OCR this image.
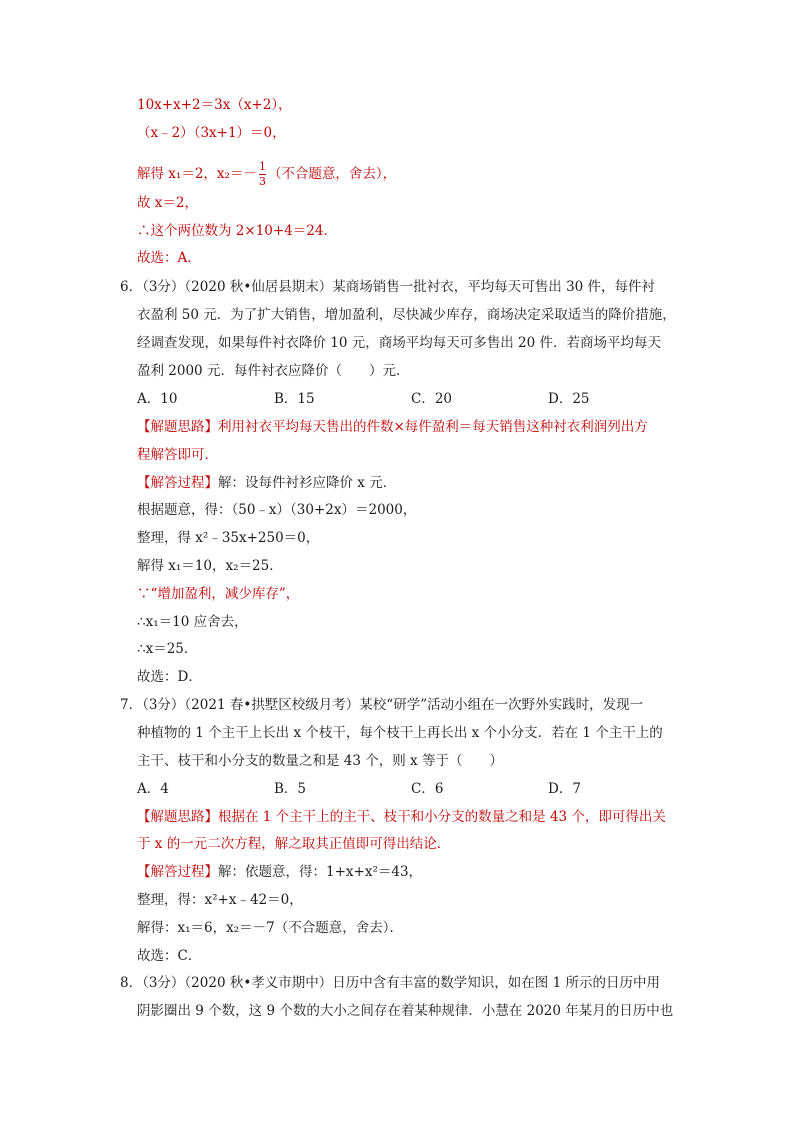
10x+x+2＝3x（x+2），
（x﹣2）（3x+1）＝0，
解得 x₁＝2，$x_2=- \frac{1}{3}$ （不合题意，舍去），
故 x＝2，
∴这个两位数为 2×10+4＝24．
故选：A．
6．（3分）（2020 秋•仙居县期末）某商场销售一批衬衣，平均每天可售出 30 件，每件衬
衣盈利 50 元．为了扩大销售，增加盈利，尽快减少库存，商场决定采取适当的降价措施，
经调查发现，如果每件衬衣降价 10 元，商场平均每天可多售出 20 件．若商场平均每天
盈利 2000 元．每件衬衣应降价（　　）元．
A．10	B．15	C．20	D．25
【解题思路】利用衬衣平均每天售出的件数×每件盈利＝每天销售这种衬衣利润列出方
程解答即可．
【解答过程】解：设每件衬衫应降价 x 元．
根据题意，得：（50﹣x）（30+2x）＝2000，
整理，得 x²﹣35x+250＝0，
解得 x₁＝10，x₂＝25．
∵“增加盈利，减少库存”，
∴x₁＝10 应舍去，
∴x＝25．
故选：D．
7．（3分）（2021 春•拱墅区校级月考）某校“研学”活动小组在一次野外实践时，发现一
种植物的 1 个主干上长出 x 个枝干，每个枝干上再长出 x 个小分支．若在 1 个主干上的
主干、枝干和小分支的数量之和是 43 个，则 x 等于（　　）
A．4	B．5	C．6	D．7
【解题思路】根据在 1 个主干上的主干、枝干和小分支的数量之和是 43 个，即可得出关
于 x 的一元二次方程，解之取其正值即可得出结论．
【解答过程】解：依题意，得：1+x+x²＝43，
整理，得：x²+x﹣42＝0，
解得：x₁＝6，x₂＝－7（不合题意，舍去）．
故选：C．
8．（3分）（2020 秋•孝义市期中）日历中含有丰富的数学知识，如在图 1 所示的日历中用
阴影圈出 9 个数，这 9 个数的大小之间存在着某种规律．小慧在 2020 年某月的日历中也
